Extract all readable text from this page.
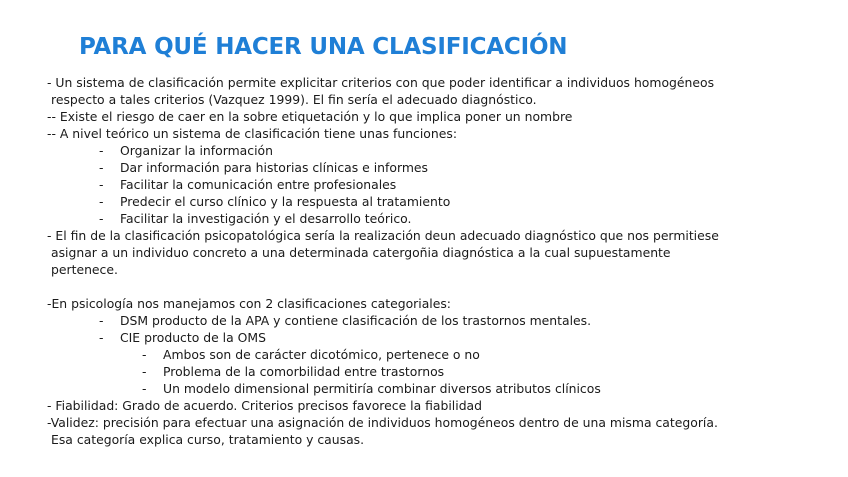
PARA QUÉ HACER UNA CLASIFICACIÓN
- Un sistema de clasificación permite explicitar criterios con que poder identificar a individuos homogéneos
respecto a tales criterios (Vazquez 1999). El fin sería el adecuado diagnóstico.
-- Existe el riesgo de caer en la sobre etiquetación y lo que implica poner un nombre
-- A nivel teórico un sistema de clasificación tiene unas funciones:
- Organizar la información
- Dar información para historias clínicas e informes
- Facilitar la comunicación entre profesionales
- Predecir el curso clínico y la respuesta al tratamiento
- Facilitar la investigación y el desarrollo teórico.
- El fin de la clasificación psicopatológica sería la realización deun adecuado diagnóstico que nos permitiese
asignar a un individuo concreto a una determinada catergoñia diagnóstica a la cual supuestamente
pertenece.
-En psicología nos manejamos con 2 clasificaciones categoriales:
- DSM producto de la APA y contiene clasificación de los trastornos mentales.
- CIE producto de la OMS
- Ambos son de carácter dicotómico, pertenece o no
- Problema de la comorbilidad entre trastornos
- Un modelo dimensional permitiría combinar diversos atributos clínicos
- Fiabilidad: Grado de acuerdo. Criterios precisos favorece la fiabilidad
-Validez: precisión para efectuar una asignación de individuos homogéneos dentro de una misma categoría.
Esa categoría explica curso, tratamiento y causas.
